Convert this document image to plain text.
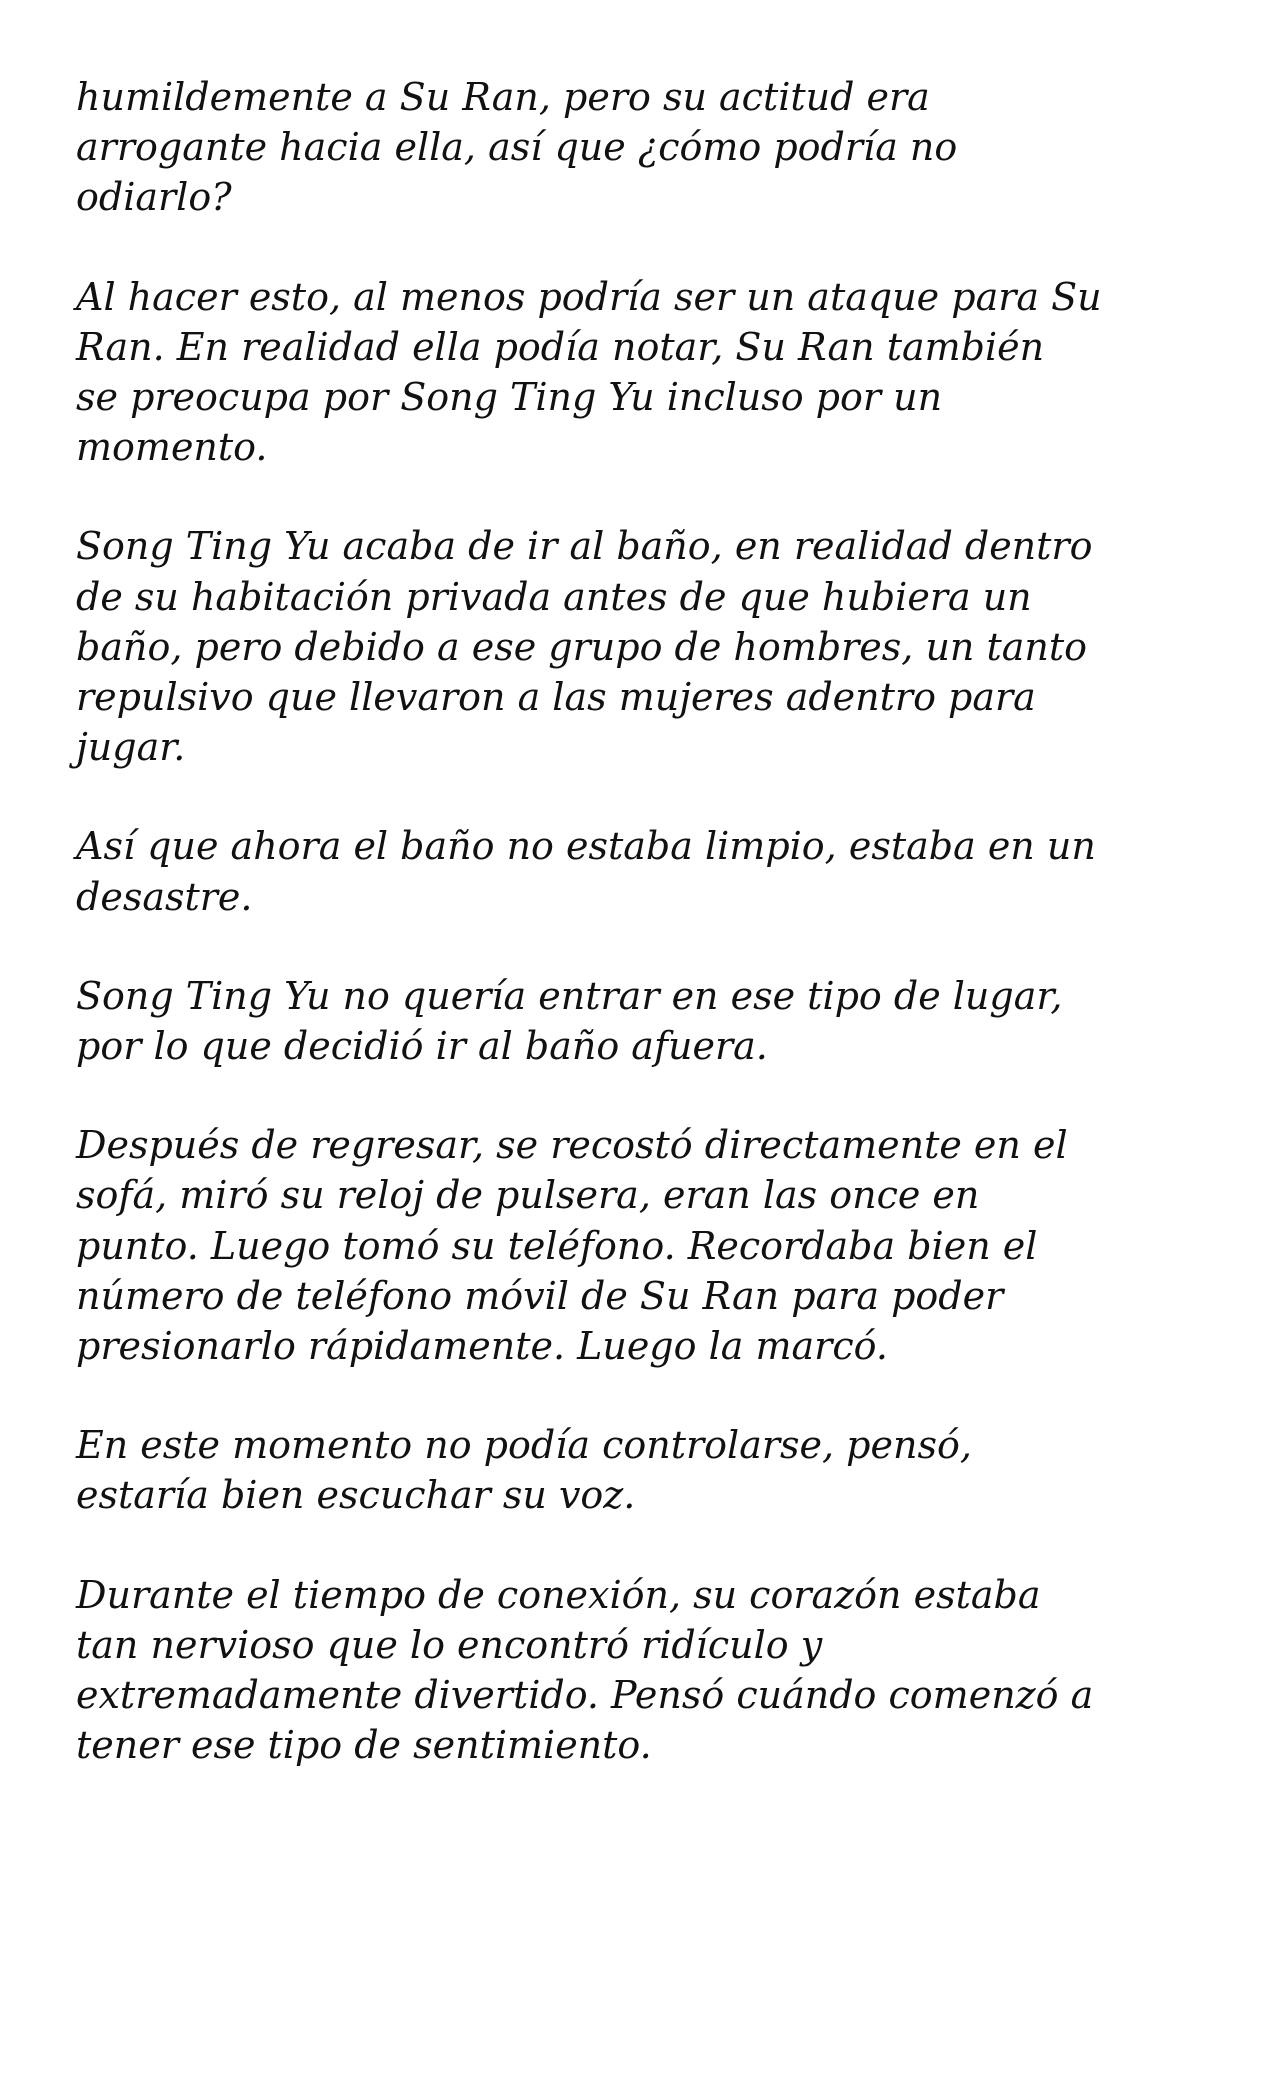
humildemente a Su Ran, pero su actitud era
arrogante hacia ella, así que ¿cómo podría no
odiarlo?

Al hacer esto, al menos podría ser un ataque para Su
Ran. En realidad ella podía notar, Su Ran también
se preocupa por Song Ting Yu incluso por un
momento.

Song Ting Yu acaba de ir al baño, en realidad dentro
de su habitación privada antes de que hubiera un
baño, pero debido a ese grupo de hombres, un tanto
repulsivo que llevaron a las mujeres adentro para
jugar.

Así que ahora el baño no estaba limpio, estaba en un
desastre.

Song Ting Yu no quería entrar en ese tipo de lugar,
por lo que decidió ir al baño afuera.

Después de regresar, se recostó directamente en el
sofá, miró su reloj de pulsera, eran las once en
punto. Luego tomó su teléfono. Recordaba bien el
número de teléfono móvil de Su Ran para poder
presionarlo rápidamente. Luego la marcó.

En este momento no podía controlarse, pensó,
estaría bien escuchar su voz.

Durante el tiempo de conexión, su corazón estaba
tan nervioso que lo encontró ridículo y
extremadamente divertido. Pensó cuándo comenzó a
tener ese tipo de sentimiento.
